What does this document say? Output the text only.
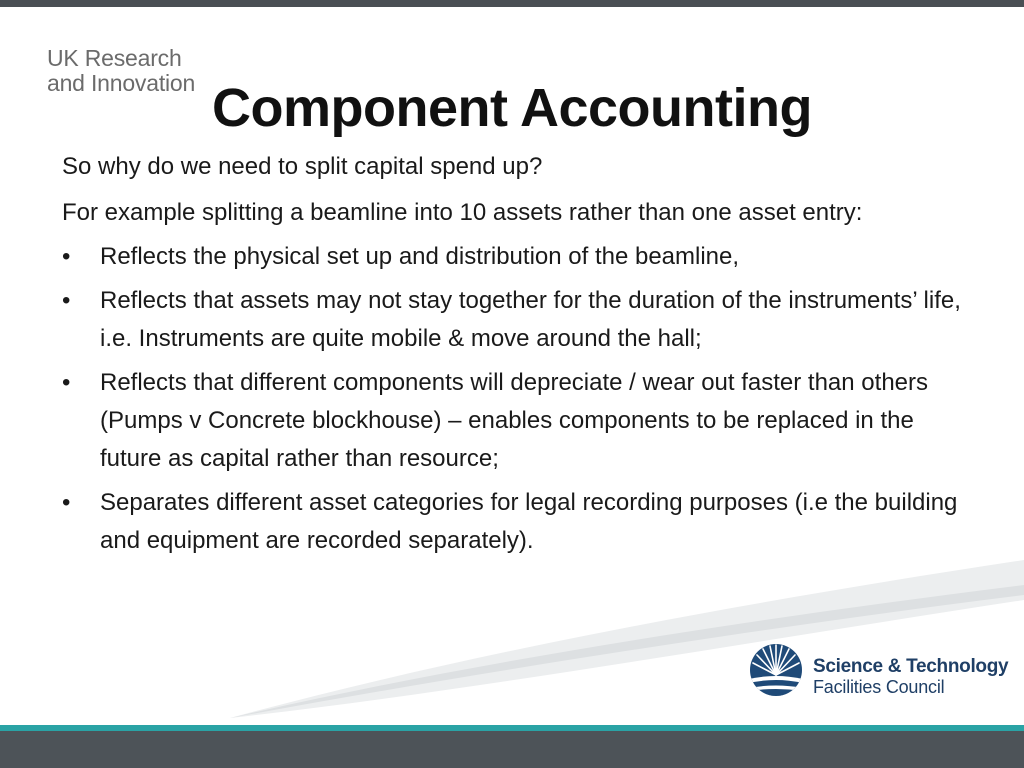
UK Research
and Innovation Component Accounting

So why do we need to split capital spend up?

For example splitting a beamline into 10 assets rather than one asset entry:

• Reflects the physical set up and distribution of the beamline,
• Reflects that assets may not stay together for the duration of the instruments’ life, i.e. Instruments are quite mobile & move around the hall;
• Reflects that different components will depreciate / wear out faster than others (Pumps v Concrete blockhouse) – enables components to be replaced in the future as capital rather than resource;
• Separates different asset categories for legal recording purposes (i.e the building and equipment are recorded separately).
Science & Technology
Facilities Council
